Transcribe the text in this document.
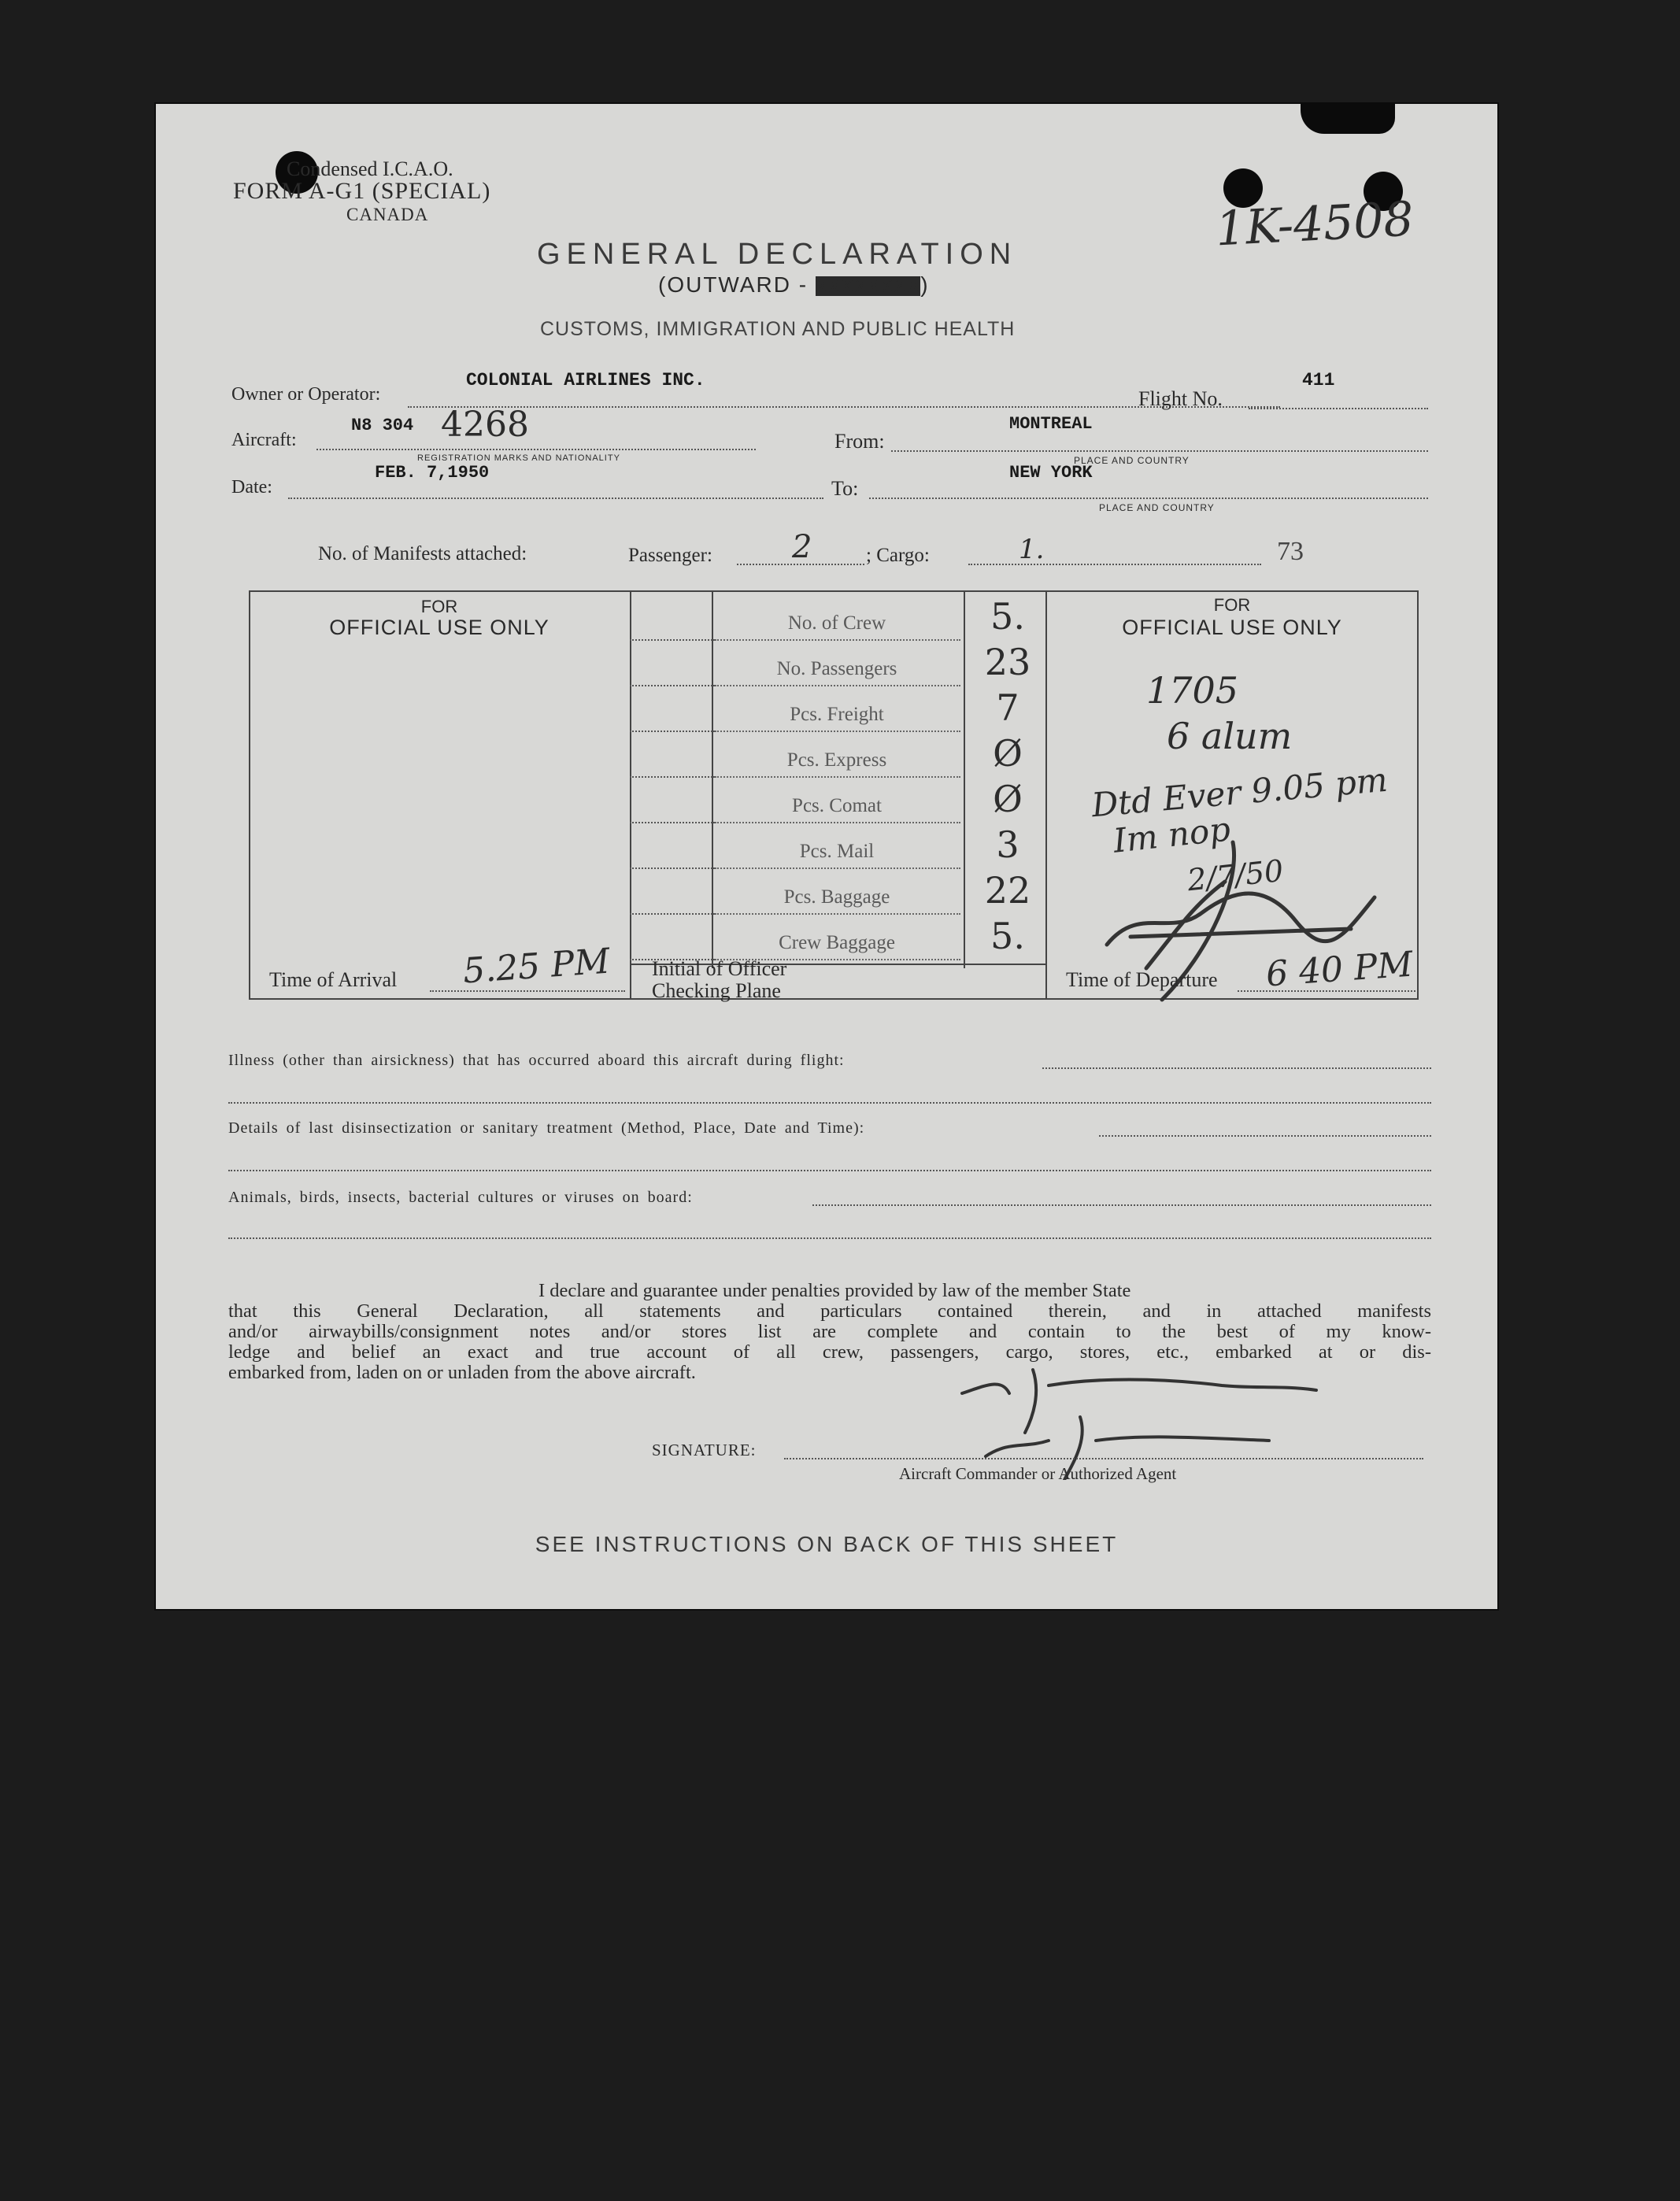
Condensed I.C.A.O.
FORM A-G1 (SPECIAL)
CANADA	1K-4508
GENERAL DECLARATION
(OUTWARD - XXXXXXXX)
CUSTOMS, IMMIGRATION AND PUBLIC HEALTH
Owner or Operator:
COLONIAL AIRLINES INC.
Flight No.
411
Aircraft:
N8 304 4268
REGISTRATION MARKS AND NATIONALITY
From:
MONTREAL
PLACE AND COUNTRY
Date:
FEB. 7,1950
To:
NEW YORK
PLACE AND COUNTRY
No. of Manifests attached:	Passenger:	2	; Cargo:	1.	73
FOR
OFFICIAL USE ONLY
Time of Arrival 5.25 PM Initial of Officer
Checking Plane
FOR
OFFICIAL USE ONLY
1705
6 alum
Dtd Ever 9.05 pm
Im nop
2/7/50
Time of Departure 6 40 PM
Illness (other than airsickness) that has occurred aboard this aircraft during flight:
Details of last disinsectization or sanitary treatment (Method, Place, Date and Time):
Animals, birds, insects, bacterial cultures or viruses on board:
I declare and guarantee under penalties provided by law of the member State
that this General Declaration, all statements and particulars contained therein, and in attached manifests
and/or airwaybills/consignment notes and/or stores list are complete and contain to the best of my know-
ledge and belief an exact and true account of all crew, passengers, cargo, stores, etc., embarked at or dis-
embarked from, laden on or unladen from the above aircraft.
SIGNATURE:
Aircraft Commander or Authorized Agent
SEE INSTRUCTIONS ON BACK OF THIS SHEET
No. of Crew	5.
No. Passengers	23
Pcs. Freight	7
Pcs. Express	Ø
Pcs. Comat	Ø
Pcs. Mail	3
Pcs. Baggage	22
Crew Baggage	5.
